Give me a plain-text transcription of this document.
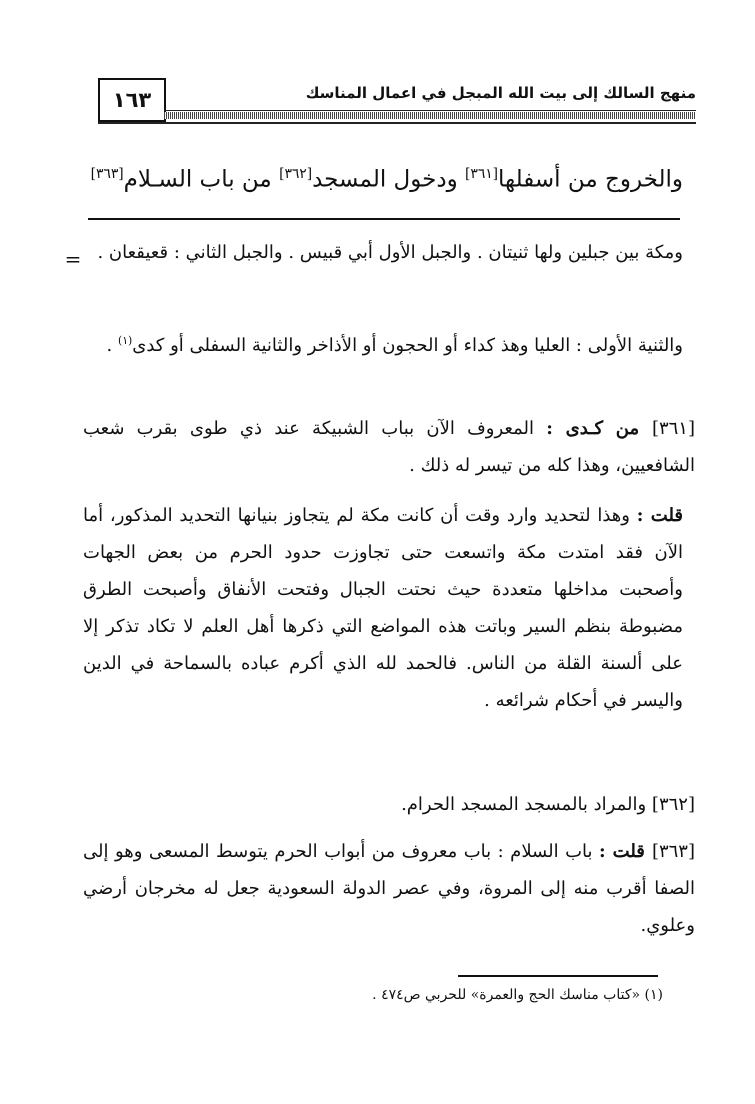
١٦٣	منهج السالك إلى بيت الله المبجل في اعمال المناسك
والخروج من أسفلها[٣٦١] ودخول المسجد[٣٦٢] من باب السـلام[٣٦٣]
= ومكة بين جبلين ولها ثنيتان . والجبل الأول أبي قبيس . والجبل الثاني : قعيقعان .
والثنية الأولى : العليا وهذ كداء أو الحجون أو الأذاخر والثانية السفلى أو كدى$^{(١)}$ .
[٣٦١] من كـدى : المعروف الآن بباب الشبيكة عند ذي طوى بقرب شعب الشافعيين، وهذا كله من تيسر له ذلك .
قلت : وهذا لتحديد وارد وقت أن كانت مكة لم يتجاوز بنيانها التحديد المذكور، أما الآن فقد امتدت مكة واتسعت حتى تجاوزت حدود الحرم من بعض الجهات وأصحبت مداخلها متعددة حيث نحتت الجبال وفتحت الأنفاق وأصبحت الطرق مضبوطة بنظم السير وباتت هذه المواضع التي ذكرها أهل العلم لا تكاد تذكر إلا على ألسنة القلة من الناس. فالحمد لله الذي أكرم عباده بالسماحة في الدين واليسر في أحكام شرائعه .
[٣٦٢] والمراد بالمسجد المسجد الحرام.
[٣٦٣] قلت : باب السلام : باب معروف من أبواب الحرم يتوسط المسعى وهو إلى الصفا أقرب منه إلى المروة، وفي عصر الدولة السعودية جعل له مخرجان أرضي وعلوي.
(١) «كتاب مناسك الحج والعمرة» للحربي ص٤٧٤ .
